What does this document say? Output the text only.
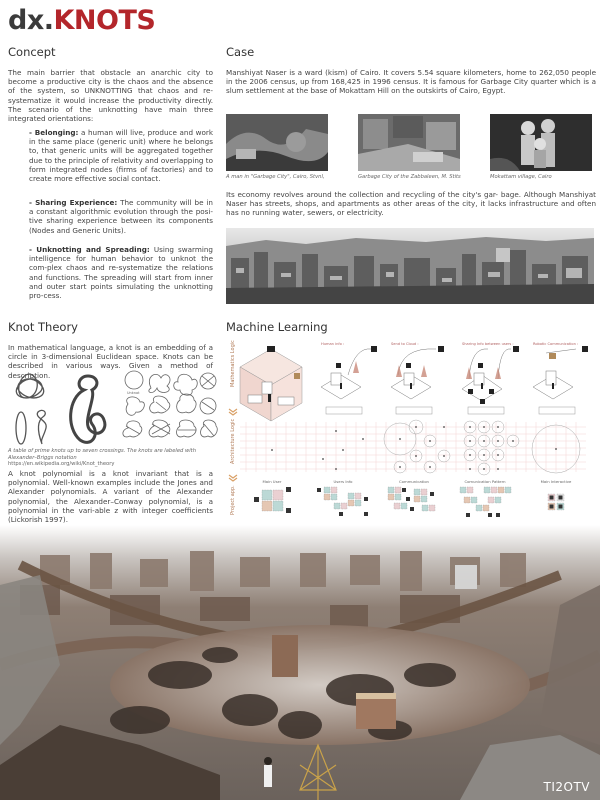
dx.KNOTS
Concept
The main barrier that obstacle an anarchic city to become a productive city is the chaos and the absence of the system, so UNKNOTTING that chaos and re-systematize it would increase the productivity directly. The scenario of the unknotting have main three integrated orientations:
- Belonging: a human will live, produce and work in the same place (generic unit) where he belongs to, that generic units will be aggregated together due to the principle of relativity and overlapping to form integrated nodes (firms of factories) and to create more effective social contact.
- Sharing Experience: The community will be in a constant algorithmic evolution through the posi-tive sharing experience between its components (Nodes and Generic Units).
- Unknotting and Spreading: Using swarming intelligence for human behavior to unknot the com-plex chaos and re-systematize the relations and functions. The spreading will start from inner and outer start points simulating the unknotting pro-cess.
Case
Manshiyat Naser is a ward (kism) of Cairo. It covers 5.54 square kilometers, home to 262,050 people in the 2006 census, up from 168,425 in 1996 census. It is famous for Garbage City quarter which is a slum settlement at the base of Mokattam Hill on the outskirts of Cairo, Egypt.
A man in "Garbage City", Cairo, Stvnl,	Garbage City of the Zabbaleen, M. Stits	Mokattam village, Cairo
Its economy revolves around the collection and recycling of the city's gar- bage. Although Manshiyat Naser has streets, shops, and apartments as other areas of the city, it lacks infrastructure and often has no running water, sewers, or electricity.
Knot Theory
In mathematical language, a knot is an embedding of a circle in 3-dimensional Euclidean space. Knots can be described in various ways. Given a method of description.
Unknot
A table of prime knots up to seven crossings. The knots are labeled with Alexander–Briggs notation
https://en.wikipedia.org/wiki/Knot_theory
A knot polynomial is a knot invariant that is a polynomial. Well-known examples include the Jones and Alexander polynomials. A variant of the Alexander polynomial, the Alexander–Conway polynomial, is a polynomial in the vari-able z with integer coefficients (Lickorish 1997).
Machine Learning
Mathematics Logic
Architecture Logic
Project app.
Human info :	Send to Cloud :	Sharing Info between users :	Robotic Communication :
Main User	Users Info	Communication	Comunication Pattern	Main Interactive
TI2OTV
